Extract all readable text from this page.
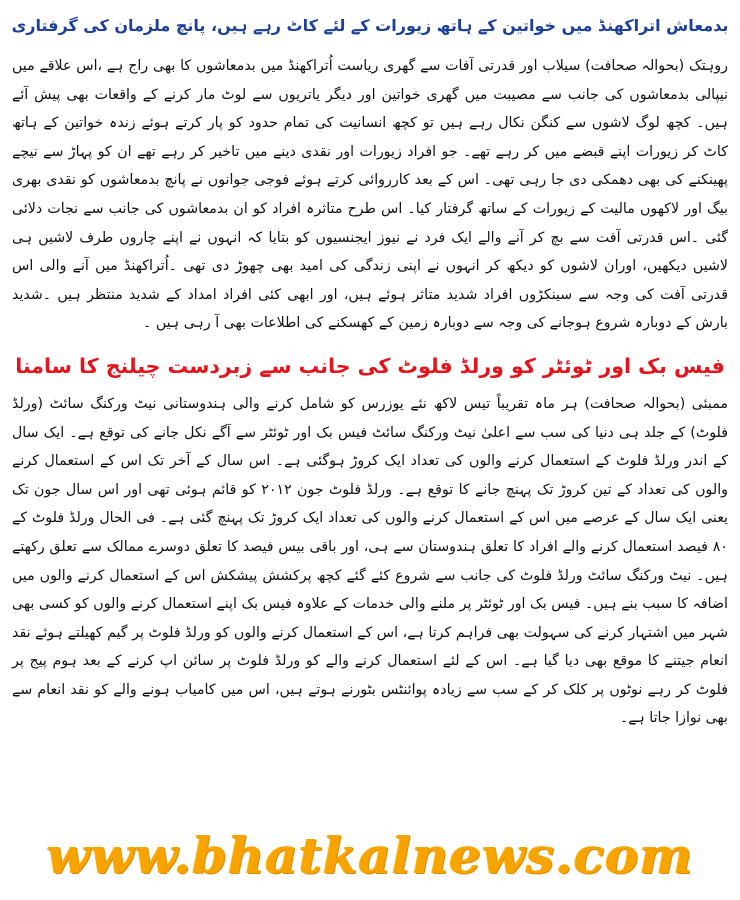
بدمعاش اتراکھنڈ میں خواتین کے ہاتھ زیورات کے لئے کاٹ رہے ہیں، پانچ ملزمان کی گرفتاری

روہتک (بحوالہ صحافت) سیلاب اور قدرتی آفات سے گھری ریاست اُتراکھنڈ میں بدمعاشوں کا بھی راج ہے ،اس علاقے میں نیپالی بدمعاشوں کی جانب سے مصیبت میں گھری خواتین اور دیگر یاتریوں سے لوٹ مار کرنے کے واقعات بھی پیش آئے ہیں۔ کچھ لوگ لاشوں سے کنگن نکال رہے ہیں تو کچھ انسانیت کی تمام حدود کو پار کرتے ہوئے زندہ خواتین کے ہاتھ کاٹ کر زیورات اپنے قبضے میں کر رہے تھے۔ جو افراد زیورات اور نقدی دینے میں تاخیر کر رہے تھے ان کو پہاڑ سے نیچے پھینکنے کی بھی دھمکی دی جا رہی تھی۔ اس کے بعد کارروائی کرتے ہوئے فوجی جوانوں نے پانچ بدمعاشوں کو نقدی بھری بیگ اور لاکھوں مالیت کے زیورات کے ساتھ گرفتار کیا۔ اس طرح متاثرہ افراد کو ان بدمعاشوں کی جانب سے نجات دلائی گئی ۔اس قدرتی آفت سے بچ کر آنے والے ایک فرد نے نیوز ایجنسیوں کو بتایا کہ انہوں نے اپنے چاروں طرف لاشیں ہی لاشیں دیکھیں، اوران لاشوں کو دیکھ کر انہوں نے اپنی زندگی کی امید بھی چھوڑ دی تھی ۔اُتراکھنڈ میں آنے والی اس قدرتی آفت کی وجہ سے سینکڑوں افراد شدید متاثر ہوئے ہیں، اور ابھی کئی افراد امداد کے شدید منتظر ہیں ۔شدید بارش کے دوبارہ شروع ہوجانے کی وجہ سے دوبارہ زمین کے کھسکنے کی اطلاعات بھی آ رہی ہیں ۔

فیس بک اور ٹوئٹر کو ورلڈ فلوٹ کی جانب سے زبردست چیلنج کا سامنا

ممبئی (بحوالہ صحافت) ہر ماہ تقریباً تیس لاکھ نئے یوزرس کو شامل کرنے والی ہندوستانی نیٹ ورکنگ سائٹ (ورلڈ فلوٹ) کے جلد ہی دنیا کی سب سے اعلیٰ نیٹ ورکنگ سائٹ فیس بک اور ٹوئٹر سے آگے نکل جانے کی توقع ہے۔ ایک سال کے اندر ورلڈ فلوٹ کے استعمال کرنے والوں کی تعداد ایک کروڑ ہوگئی ہے۔ اس سال کے آخر تک اس کے استعمال کرنے والوں کی تعداد کے تین کروڑ تک پہنچ جانے کا توقع ہے۔ ورلڈ فلوٹ جون ۲۰۱۲ کو قائم ہوئی تھی اور اس سال جون تک یعنی ایک سال کے عرصے میں اس کے استعمال کرنے والوں کی تعداد ایک کروڑ تک پہنچ گئی ہے۔ فی الحال ورلڈ فلوٹ کے ۸۰ فیصد استعمال کرنے والے افراد کا تعلق ہندوستان سے ہی، اور باقی بیس فیصد کا تعلق دوسرے ممالک سے تعلق رکھتے ہیں۔ نیٹ ورکنگ سائٹ ورلڈ فلوٹ کی جانب سے شروع کئے گئے کچھ پرکشش پیشکش اس کے استعمال کرنے والوں میں اضافہ کا سبب بنے ہیں۔ فیس بک اور ٹوئٹر پر ملنے والی خدمات کے علاوہ فیس بک اپنے استعمال کرنے والوں کو کسی بھی شہر میں اشتہار کرنے کی سہولت بھی فراہم کرتا ہے، اس کے استعمال کرنے والوں کو ورلڈ فلوٹ پر گیم کھیلتے ہوئے نقد انعام جیتنے کا موقع بھی دیا گیا ہے۔ اس کے لئے استعمال کرنے والے کو ورلڈ فلوٹ پر سائن اپ کرنے کے بعد ہوم پیج پر فلوٹ کر رہے نوٹوں پر کلک کر کے سب سے زیادہ پوائنٹس بٹورنے ہوتے ہیں، اس میں کامیاب ہونے والے کو نقد انعام سے بھی نوازا جاتا ہے۔

www.bhatkalnews.com
